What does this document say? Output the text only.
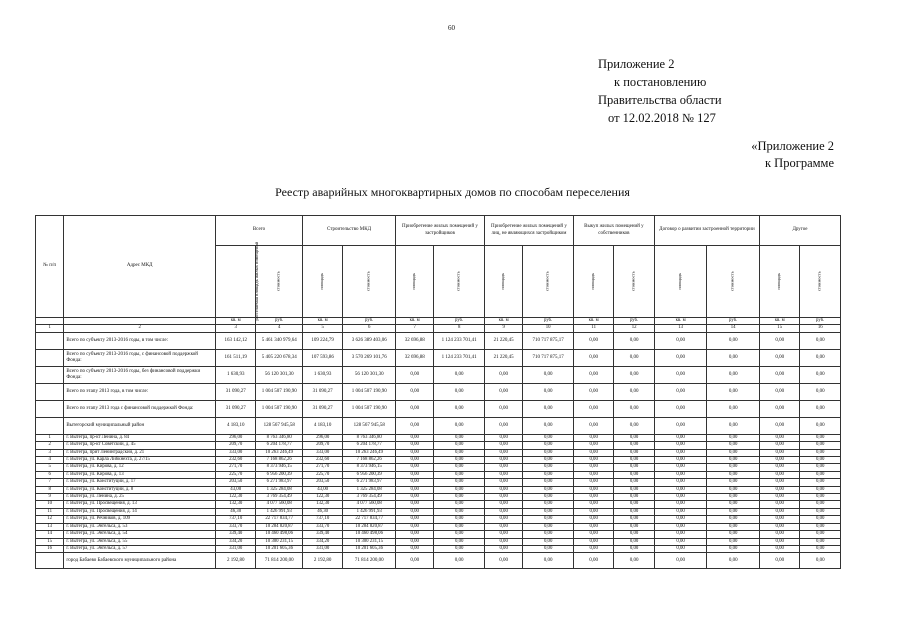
60
Приложение 2
к постановлению
Правительства области
от 12.02.2018 № 127
«Приложение 2
к Программе
Реестр аварийных многоквартирных домов по способам переселения
№ п/п	Адрес МКД	Всего		Строительство МКД		Приобретение жилых помещений у застройщиков		Приобретение жилых помещений у лиц, не являющихся застройщиком		Выкуп жилых помещений у собственников		Договор о развитии застроенной территории		Другое	
		расселяемая площадь жилых помещений	стоимость	площадь	стоимость	площадь	стоимость	площадь	стоимость	площадь	стоимость	площадь	стоимость	площадь	стоимость
		кв. м	руб.	кв. м	руб.	кв. м	руб.	кв. м	руб.	кв. м	руб.	кв. м	руб.	кв. м	руб.
1	2	3	4	5	6	7	8	9	10	11	12	13	14	15	16
	Всего по субъекту 2013-2016 годы, в том числе:	163 142,12	5 461 340 979,64	109 224,79	3 626 389 403,06	32 696,88	1 124 233 701,41	21 220,45	710 717 875,17	0,00	0,00	0,00	0,00	0,00	0,00
	Всего по субъекту 2013-2016 годы, с финансовой поддержкой Фонда:	161 511,19	5 405 220 678,34	107 593,86	3 570 269 101,76	32 696,88	1 124 233 701,41	21 220,45	710 717 875,17	0,00	0,00	0,00	0,00	0,00	0,00
	Всего по субъекту 2013-2016 годы, без финансовой поддержки Фонда:	1 630,93	56 120 301,30	1 630,93	56 120 301,30	0,00	0,00	0,00	0,00	0,00	0,00	0,00	0,00	0,00	0,00
	Всего по этапу 2013 года, в том числе:	31 090,27	1 004 507 190,90	31 090,27	1 004 507 190,90	0,00	0,00	0,00	0,00	0,00	0,00	0,00	0,00	0,00	0,00
	Всего по этапу 2013 года с финансовой поддержкой Фонда:	31 090,27	1 004 507 190,90	31 090,27	1 004 507 190,90	0,00	0,00	0,00	0,00	0,00	0,00	0,00	0,00	0,00	0,00
	Вытегорский муниципальный район	4 183,10	128 567 945,58	4 183,10	128 567 945,58	0,00	0,00	0,00	0,00	0,00	0,00	0,00	0,00	0,00	0,00
1	г. Вытегра, пр-кт Ленина, д. 84	296,00	8 763 346,80	296,00	8 763 346,80	0,00	0,00	0,00	0,00	0,00	0,00	0,00	0,00	0,00	0,00
2	г. Вытегра, пр-кт Советский, д. 45	209,70	6 204 178,77	209,70	6 204 178,77	0,00	0,00	0,00	0,00	0,00	0,00	0,00	0,00	0,00	0,00
3	г. Вытегра, прит Ленинградский, д. 21	333,00	10 263 246,49	333,00	10 263 246,49	0,00	0,00	0,00	0,00	0,00	0,00	0,00	0,00	0,00	0,00
4	г. Вытегра, ул. Карла Либкнехта, д. 27/15	232,60	7 168 862,26	232,60	7 168 862,26	0,00	0,00	0,00	0,00	0,00	0,00	0,00	0,00	0,00	0,00
5	г. Вытегра, ул. Кирова, д. 12	271,70	8 373 946,15	271,70	8 373 946,15	0,00	0,00	0,00	0,00	0,00	0,00	0,00	0,00	0,00	0,00
6	г. Вытегра, ул. Кирова, д. 13	225,70	6 956 200,39	225,70	6 956 200,39	0,00	0,00	0,00	0,00	0,00	0,00	0,00	0,00	0,00	0,00
7	г. Вытегра, ул. Конституции, д. 17	203,50	6 271 983,97	203,50	6 271 983,97	0,00	0,00	0,00	0,00	0,00	0,00	0,00	0,00	0,00	0,00
8	г. Вытегра, ул. Конституции, д. 8	43,00	1 325 284,08	43,00	1 325 284,08	0,00	0,00	0,00	0,00	0,00	0,00	0,00	0,00	0,00	0,00
9	г. Вытегра, ул. Ленина, д. 25	122,30	3 769 354,49	122,30	3 769 354,49	0,00	0,00	0,00	0,00	0,00	0,00	0,00	0,00	0,00	0,00
10	г. Вытегра, ул. Просвещения, д. 13	132,30	4 077 560,08	132,30	4 077 560,08	0,00	0,00	0,00	0,00	0,00	0,00	0,00	0,00	0,00	0,00
11	г. Вытегра, ул. Просвещения, д. 14	46,30	1 426 991,93	46,30	1 426 991,93	0,00	0,00	0,00	0,00	0,00	0,00	0,00	0,00	0,00	0,00
12	г. Вытегра, ул. Речников, д. 109	737,10	22 717 834,77	737,10	22 717 834,77	0,00	0,00	0,00	0,00	0,00	0,00	0,00	0,00	0,00	0,00
13	г. Вытегра, ул. Энгельса, д. 53	333,70	10 284 820,87	333,70	10 284 820,87	0,00	0,00	0,00	0,00	0,00	0,00	0,00	0,00	0,00	0,00
14	г. Вытегра, ул. Энгельса, д. 54	339,40	10 460 498,06	339,40	10 460 498,06	0,00	0,00	0,00	0,00	0,00	0,00	0,00	0,00	0,00	0,00
15	г. Вытегра, ул. Энгельса, д. 55	334,20	10 300 231,15	334,20	10 300 231,15	0,00	0,00	0,00	0,00	0,00	0,00	0,00	0,00	0,00	0,00
16	г. Вытегра, ул. Энгельса, д. 57	331,00	10 201 605,36	331,00	10 201 605,36	0,00	0,00	0,00	0,00	0,00	0,00	0,00	0,00	0,00	0,00
	город Бабаево Бабаевского муниципального района	2 192,80	71 814 200,00	2 192,80	71 814 200,00	0,00	0,00	0,00	0,00	0,00	0,00	0,00	0,00	0,00	0,00
